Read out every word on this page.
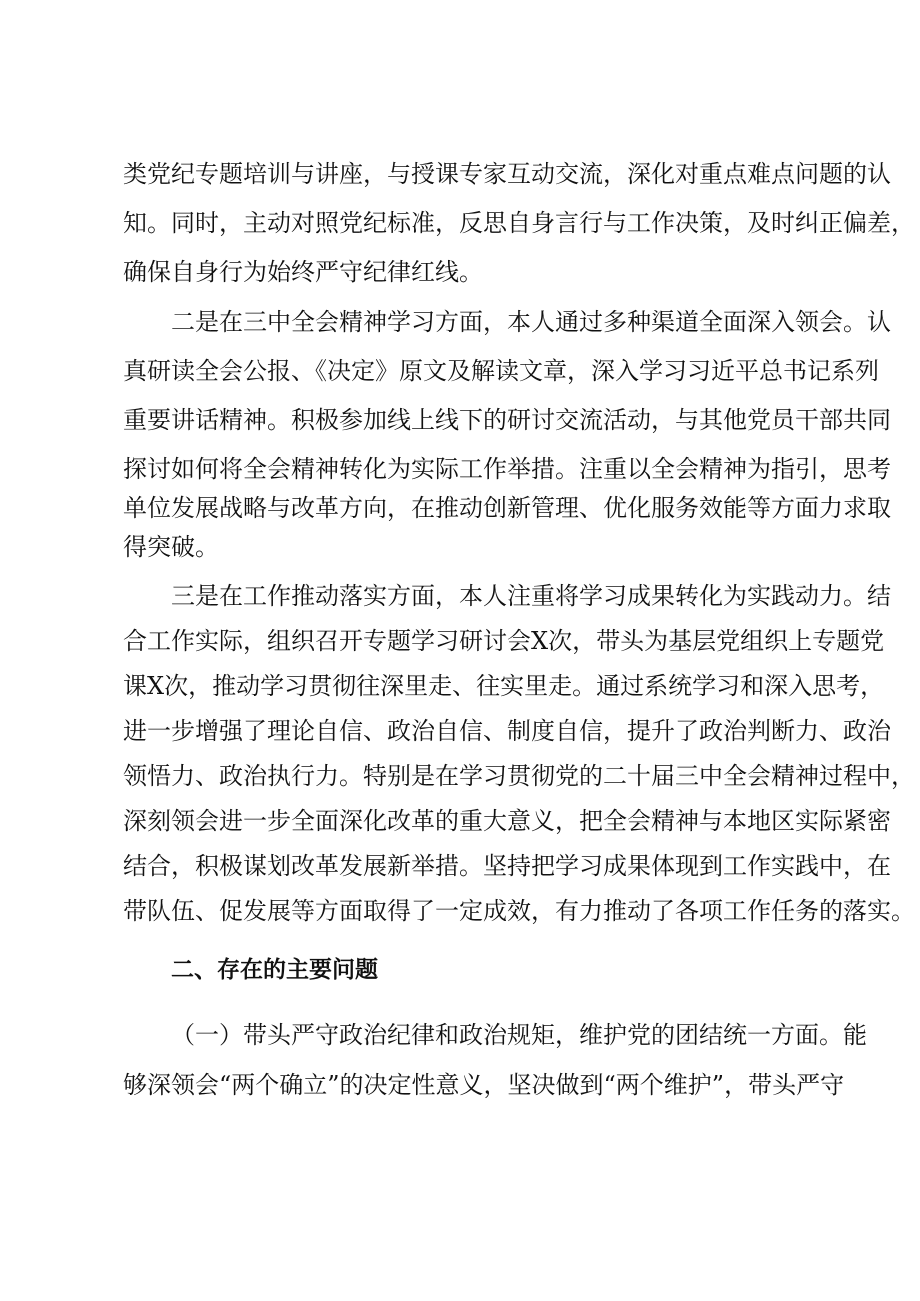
类党纪专题培训与讲座，与授课专家互动交流，深化对重点难点问题的认
知。同时，主动对照党纪标准，反思自身言行与工作决策，及时纠正偏差，
确保自身行为始终严守纪律红线。
二是在三中全会精神学习方面，本人通过多种渠道全面深入领会。认
真研读全会公报、《决定》原文及解读文章，深入学习习近平总书记系列
重要讲话精神。积极参加线上线下的研讨交流活动，与其他党员干部共同
探讨如何将全会精神转化为实际工作举措。注重以全会精神为指引，思考
单位发展战略与改革方向，在推动创新管理、优化服务效能等方面力求取
得突破。
三是在工作推动落实方面，本人注重将学习成果转化为实践动力。结
合工作实际，组织召开专题学习研讨会X次，带头为基层党组织上专题党
课X次，推动学习贯彻往深里走、往实里走。通过系统学习和深入思考，
进一步增强了理论自信、政治自信、制度自信，提升了政治判断力、政治
领悟力、政治执行力。特别是在学习贯彻党的二十届三中全会精神过程中，
深刻领会进一步全面深化改革的重大意义，把全会精神与本地区实际紧密
结合，积极谋划改革发展新举措。坚持把学习成果体现到工作实践中，在
带队伍、促发展等方面取得了一定成效，有力推动了各项工作任务的落实。
二、存在的主要问题
（一）带头严守政治纪律和政治规矩，维护党的团结统一方面。能
够深领会“两个确立”的决定性意义，坚决做到“两个维护”，带头严守
